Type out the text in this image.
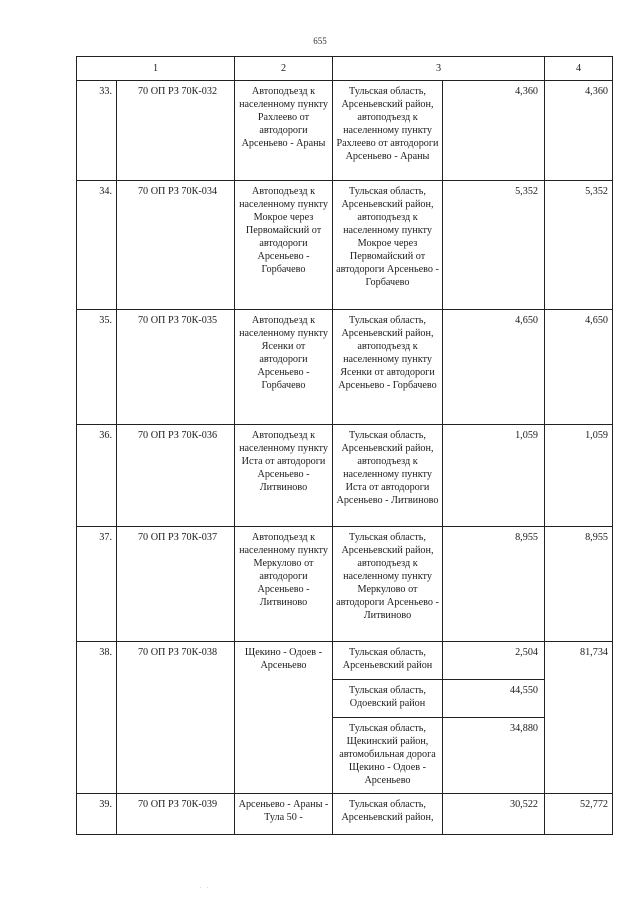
655
1		2	3		4
33.	70 ОП РЗ 70К-032	Автоподъезд к населенному пункту Рахлеево от автодороги Арсеньево - Араны	Тульская область, Арсеньевский район, автоподъезд к населенному пункту Рахлеево от автодороги Арсеньево - Араны	4,360	4,360
34.	70 ОП РЗ 70К-034	Автоподъезд к населенному пункту Мокрое через Первомайский от автодороги Арсеньево - Горбачево	Тульская область, Арсеньевский район, автоподъезд к населенному пункту Мокрое через Первомайский от автодороги Арсеньево - Горбачево	5,352	5,352
35.	70 ОП РЗ 70К-035	Автоподъезд к населенному пункту Ясенки от автодороги Арсеньево - Горбачево	Тульская область, Арсеньевский район, автоподъезд к населенному пункту Ясенки от автодороги Арсеньево - Горбачево	4,650	4,650
36.	70 ОП РЗ 70К-036	Автоподъезд к населенному пункту Иста от автодороги Арсеньево - Литвиново	Тульская область, Арсеньевский район, автоподъезд к населенному пункту Иста от автодороги Арсеньево - Литвиново	1,059	1,059
37.	70 ОП РЗ 70К-037	Автоподъезд к населенному пункту Меркулово от автодороги Арсеньево - Литвиново	Тульская область, Арсеньевский район, автоподъезд к населенному пункту Меркулово от автодороги Арсеньево - Литвиново	8,955	8,955
38.	70 ОП РЗ 70К-038	Щекино - Одоев - Арсеньево	Тульская область, Арсеньевский район	2,504	81,734
			Тульская область, Одоевский район	44,550	
			Тульская область, Щекинский район, автомобильная дорога Щекино - Одоев - Арсеньево	34,880	
39.	70 ОП РЗ 70К-039	Арсеньево - Араны - Тула 50 -	Тульская область, Арсеньевский район,	30,522	52,772
. .
